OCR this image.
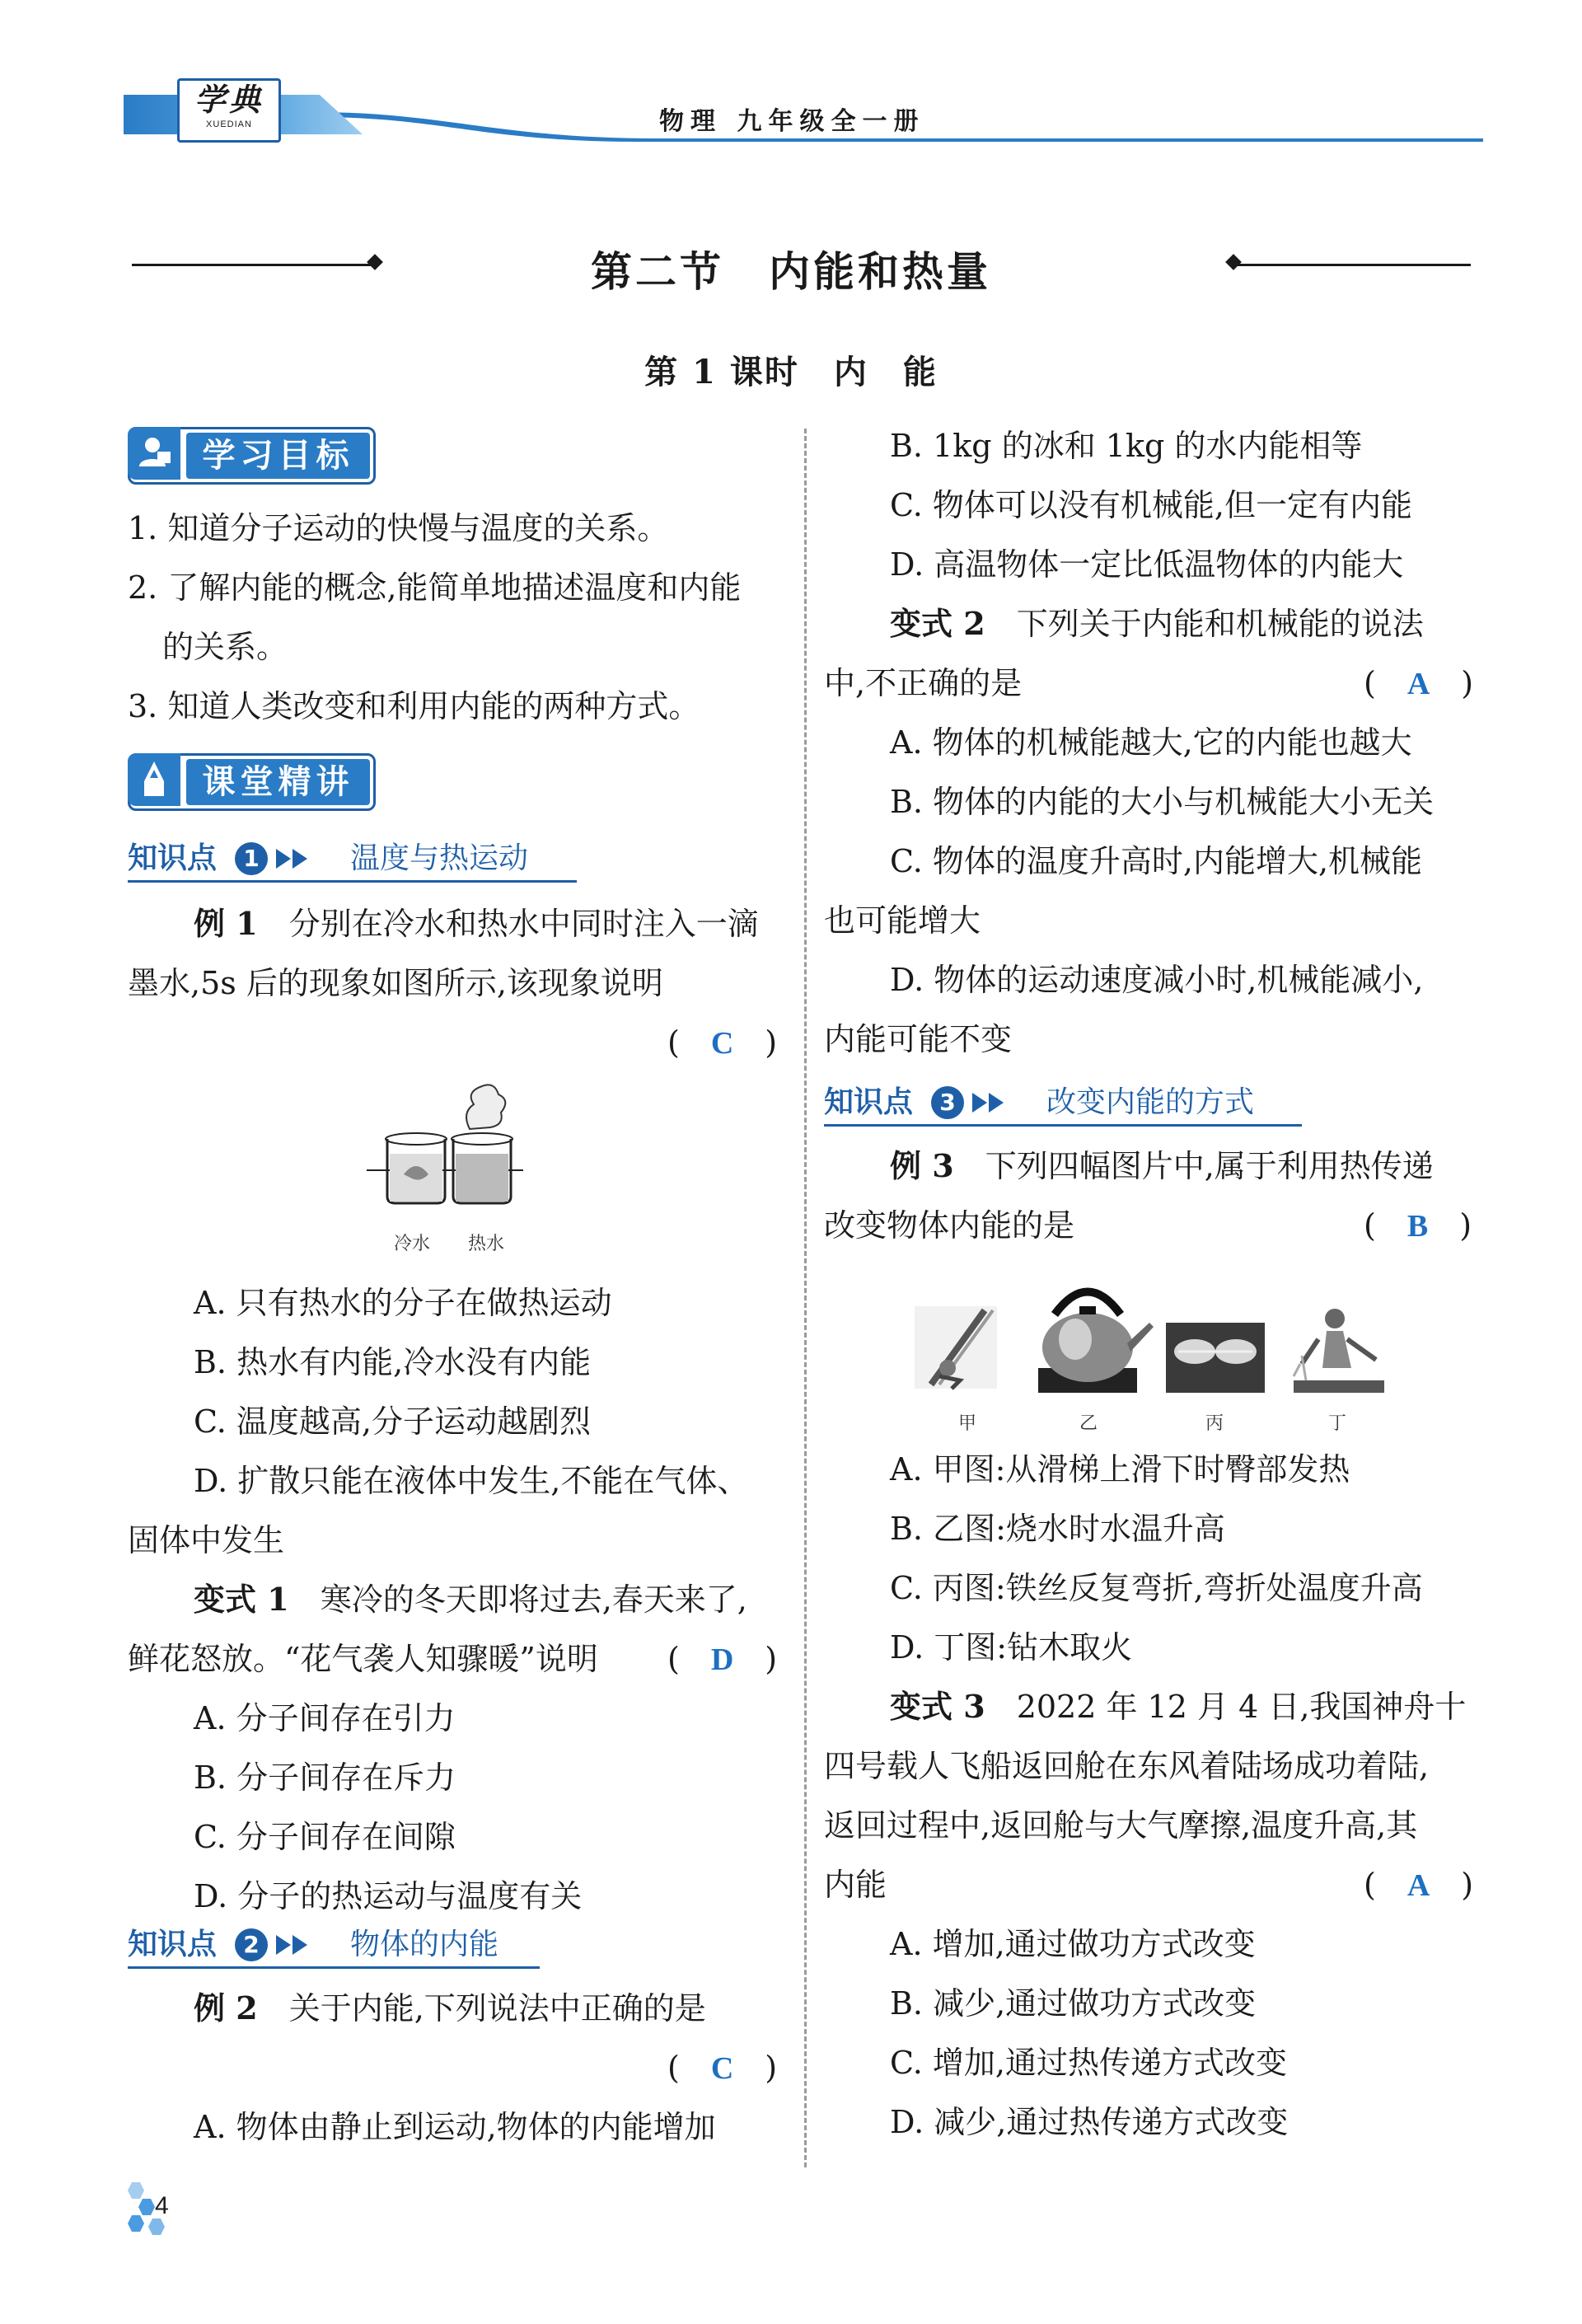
学典
XUEDIAN	物理 九年级全一册
第二节　内能和热量
第 1 课时　内　能
学习目标
1. 知道分子运动的快慢与温度的关系。
2. 了解内能的概念,能简单地描述温度和内能
的关系。
3. 知道人类改变和利用内能的两种方式。
课堂精讲
知识点	1	温度与热运动
例 1　 分别在冷水和热水中同时注入一滴
墨水,5s 后的现象如图所示,该现象说明
(　C　)
冷水 热水
A. 只有热水的分子在做热运动
B. 热水有内能,冷水没有内能
C. 温度越高,分子运动越剧烈
D. 扩散只能在液体中发生,不能在气体、
固体中发生
变式 1　 寒冷的冬天即将过去,春天来了,
鲜花怒放。“花气袭人知骤暖”说明 (　D　)
A. 分子间存在引力
B. 分子间存在斥力
C. 分子间存在间隙
D. 分子的热运动与温度有关
知识点	2	物体的内能
例 2　 关于内能,下列说法中正确的是
(　C　)
A. 物体由静止到运动,物体的内能增加
B. 1kg 的冰和 1kg 的水内能相等
C. 物体可以没有机械能,但一定有内能
D. 高温物体一定比低温物体的内能大
变式 2　 下列关于内能和机械能的说法
中,不正确的是	(　A　)
A. 物体的机械能越大,它的内能也越大
B. 物体的内能的大小与机械能大小无关
C. 物体的温度升高时,内能增大,机械能
也可能增大
D. 物体的运动速度减小时,机械能减小,
内能可能不变
知识点	3	改变内能的方式
例 3　 下列四幅图片中,属于利用热传递
改变物体内能的是	(　B　)
甲	乙	丙	丁
A. 甲图:从滑梯上滑下时臀部发热
B. 乙图:烧水时水温升高
C. 丙图:铁丝反复弯折,弯折处温度升高
D. 丁图:钻木取火
变式 3　 2022 年 12 月 4 日,我国神舟十
四号载人飞船返回舱在东风着陆场成功着陆,
返回过程中,返回舱与大气摩擦,温度升高,其
内能	(　A　)
A. 增加,通过做功方式改变
B. 减少,通过做功方式改变
C. 增加,通过热传递方式改变
D. 减少,通过热传递方式改变
4
